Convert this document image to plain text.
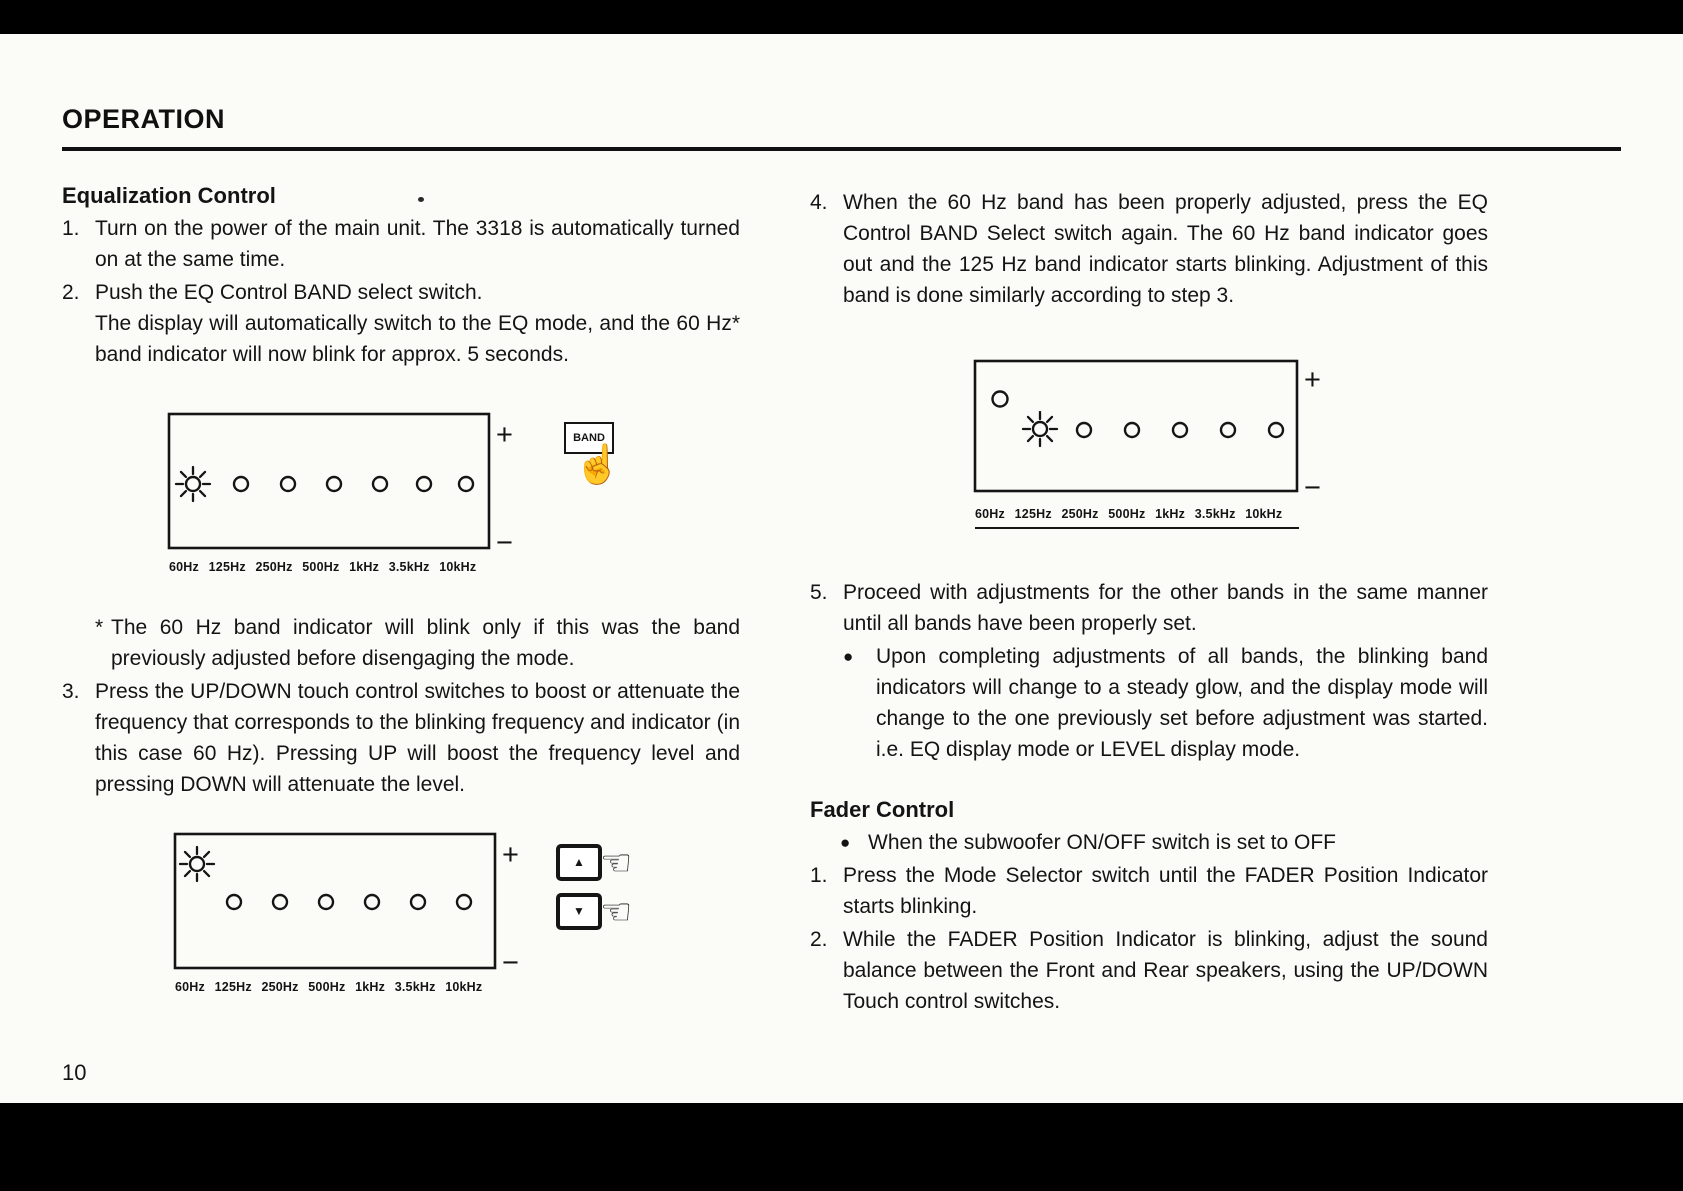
10
OPERATION
Equalization Control
1. Turn on the power of the main unit. The 3318 is automatically turned on at the same time.
2. Push the EQ Control BAND select switch.
The display will automatically switch to the EQ mode, and the 60 Hz* band indicator will now blink for approx. 5 seconds.
+
−
60Hz 125Hz 250Hz 500Hz 1kHz 3.5kHz 10kHz
BAND
☝
* The 60 Hz band indicator will blink only if this was the band previously adjusted before disengaging the mode.
3. Press the UP/DOWN touch control switches to boost or attenuate the frequency that corresponds to the blinking frequency and indicator (in this case 60 Hz). Pressing UP will boost the frequency level and pressing DOWN will attenuate the level.
+
−
60Hz 125Hz 250Hz 500Hz 1kHz 3.5kHz 10kHz
▲ ☜
▼ ☜
4. When the 60 Hz band has been properly adjusted, press the EQ Control BAND Select switch again. The 60 Hz band indicator goes out and the 125 Hz band indicator starts blinking. Adjustment of this band is done similarly according to step 3.
+
−
60Hz 125Hz 250Hz 500Hz 1kHz 3.5kHz 10kHz
5. Proceed with adjustments for the other bands in the same manner until all bands have been properly set.
●	Upon completing adjustments of all bands, the blinking band indicators will change to a steady glow, and the display mode will change to the one previously set before adjustment was started. i.e. EQ display mode or LEVEL display mode.
Fader Control
● When the subwoofer ON/OFF switch is set to OFF
1. Press the Mode Selector switch until the FADER Position Indicator starts blinking.
2. While the FADER Position Indicator is blinking, adjust the sound balance between the Front and Rear speakers, using the UP/DOWN Touch control switches.
